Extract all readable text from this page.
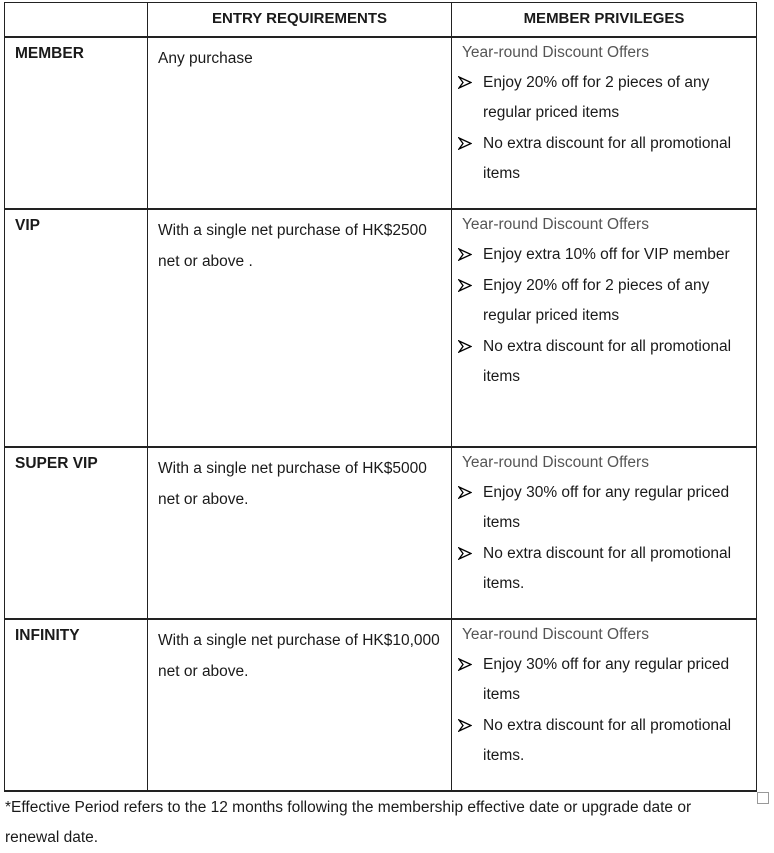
	ENTRY REQUIREMENTS	MEMBER PRIVILEGES

MEMBER	Any purchase	Year-round Discount Offers
Enjoy 20% off for 2 pieces of any regular priced items
No extra discount for all promotional items

VIP	With a single net purchase of HK$2500 net or above .	Year-round Discount Offers
Enjoy extra 10% off for VIP member
Enjoy 20% off for 2 pieces of any regular priced items
No extra discount for all promotional items

SUPER VIP	With a single net purchase of HK$5000 net or above.	Year-round Discount Offers
Enjoy 30% off for any regular priced items
No extra discount for all promotional items.

INFINITY	With a single net purchase of HK$10,000 net or above.	Year-round Discount Offers
Enjoy 30% off for any regular priced items
No extra discount for all promotional items.
*Effective Period refers to the 12 months following the membership effective date or upgrade date or renewal date.
